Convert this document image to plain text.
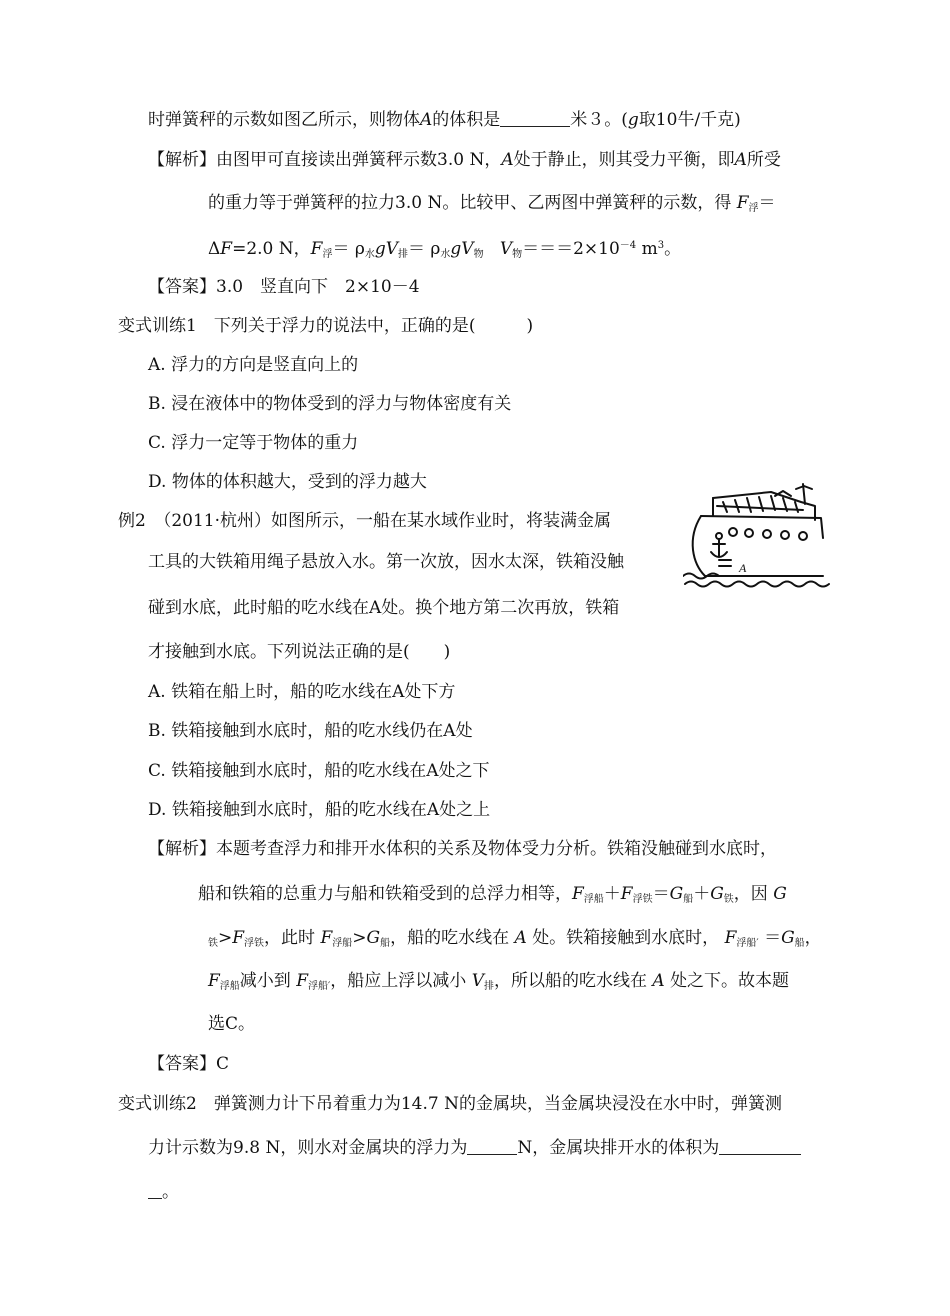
时弹簧秤的示数如图乙所示，则物体A的体积是	米３。(g取10牛/千克)
【解析】由图甲可直接读出弹簧秤示数3.0 N，A处于静止，则其受力平衡，即A所受
的重力等于弹簧秤的拉力3.0 N。比较甲、乙两图中弹簧秤的示数，得 $F_浮=$
ΔF=2.0 N，$F_浮= \rho_水gV_排= \rho_水gV_物$ $V_物===2\times 10^{-4}$ $m^3$。
【答案】3.0　竖直向下　2×10－4
变式训练1　下列关于浮力的说法中，正确的是(　　　)
A. 浮力的方向是竖直向上的
B. 浸在液体中的物体受到的浮力与物体密度有关
C. 浮力一定等于物体的重力
D. 物体的体积越大，受到的浮力越大
例2　（2011·杭州）如图所示，一船在某水域作业时，将装满金属
工具的大铁箱用绳子悬放入水。第一次放，因水太深，铁箱没触
碰到水底，此时船的吃水线在A处。换个地方第二次再放，铁箱
才接触到水底。下列说法正确的是(　　)
A. 铁箱在船上时，船的吃水线在A处下方
B. 铁箱接触到水底时，船的吃水线仍在A处
C. 铁箱接触到水底时，船的吃水线在A处之下
D. 铁箱接触到水底时，船的吃水线在A处之上
【解析】本题考查浮力和排开水体积的关系及物体受力分析。铁箱没触碰到水底时，
船和铁箱的总重力与船和铁箱受到的总浮力相等，$F_{浮船}+F_{浮铁}=G_船+G_铁$，因 G
$_铁>F_{浮铁}$，此时 $F_{浮船}>G_船$，船的吃水线在 A 处。铁箱接触到水底时， $F_{浮船'} =G_船$，
$F_{浮船}$减小到 $F_{浮船'}$，船应上浮以减小 $V_排$，所以船的吃水线在 A 处之下。故本题
选C。
【答案】C
变式训练2　弹簧测力计下吊着重力为14.7 N的金属块，当金属块浸没在水中时，弹簧测
力计示数为9.8 N，则水对金属块的浮力为	N，金属块排开水的体积为
。
A
